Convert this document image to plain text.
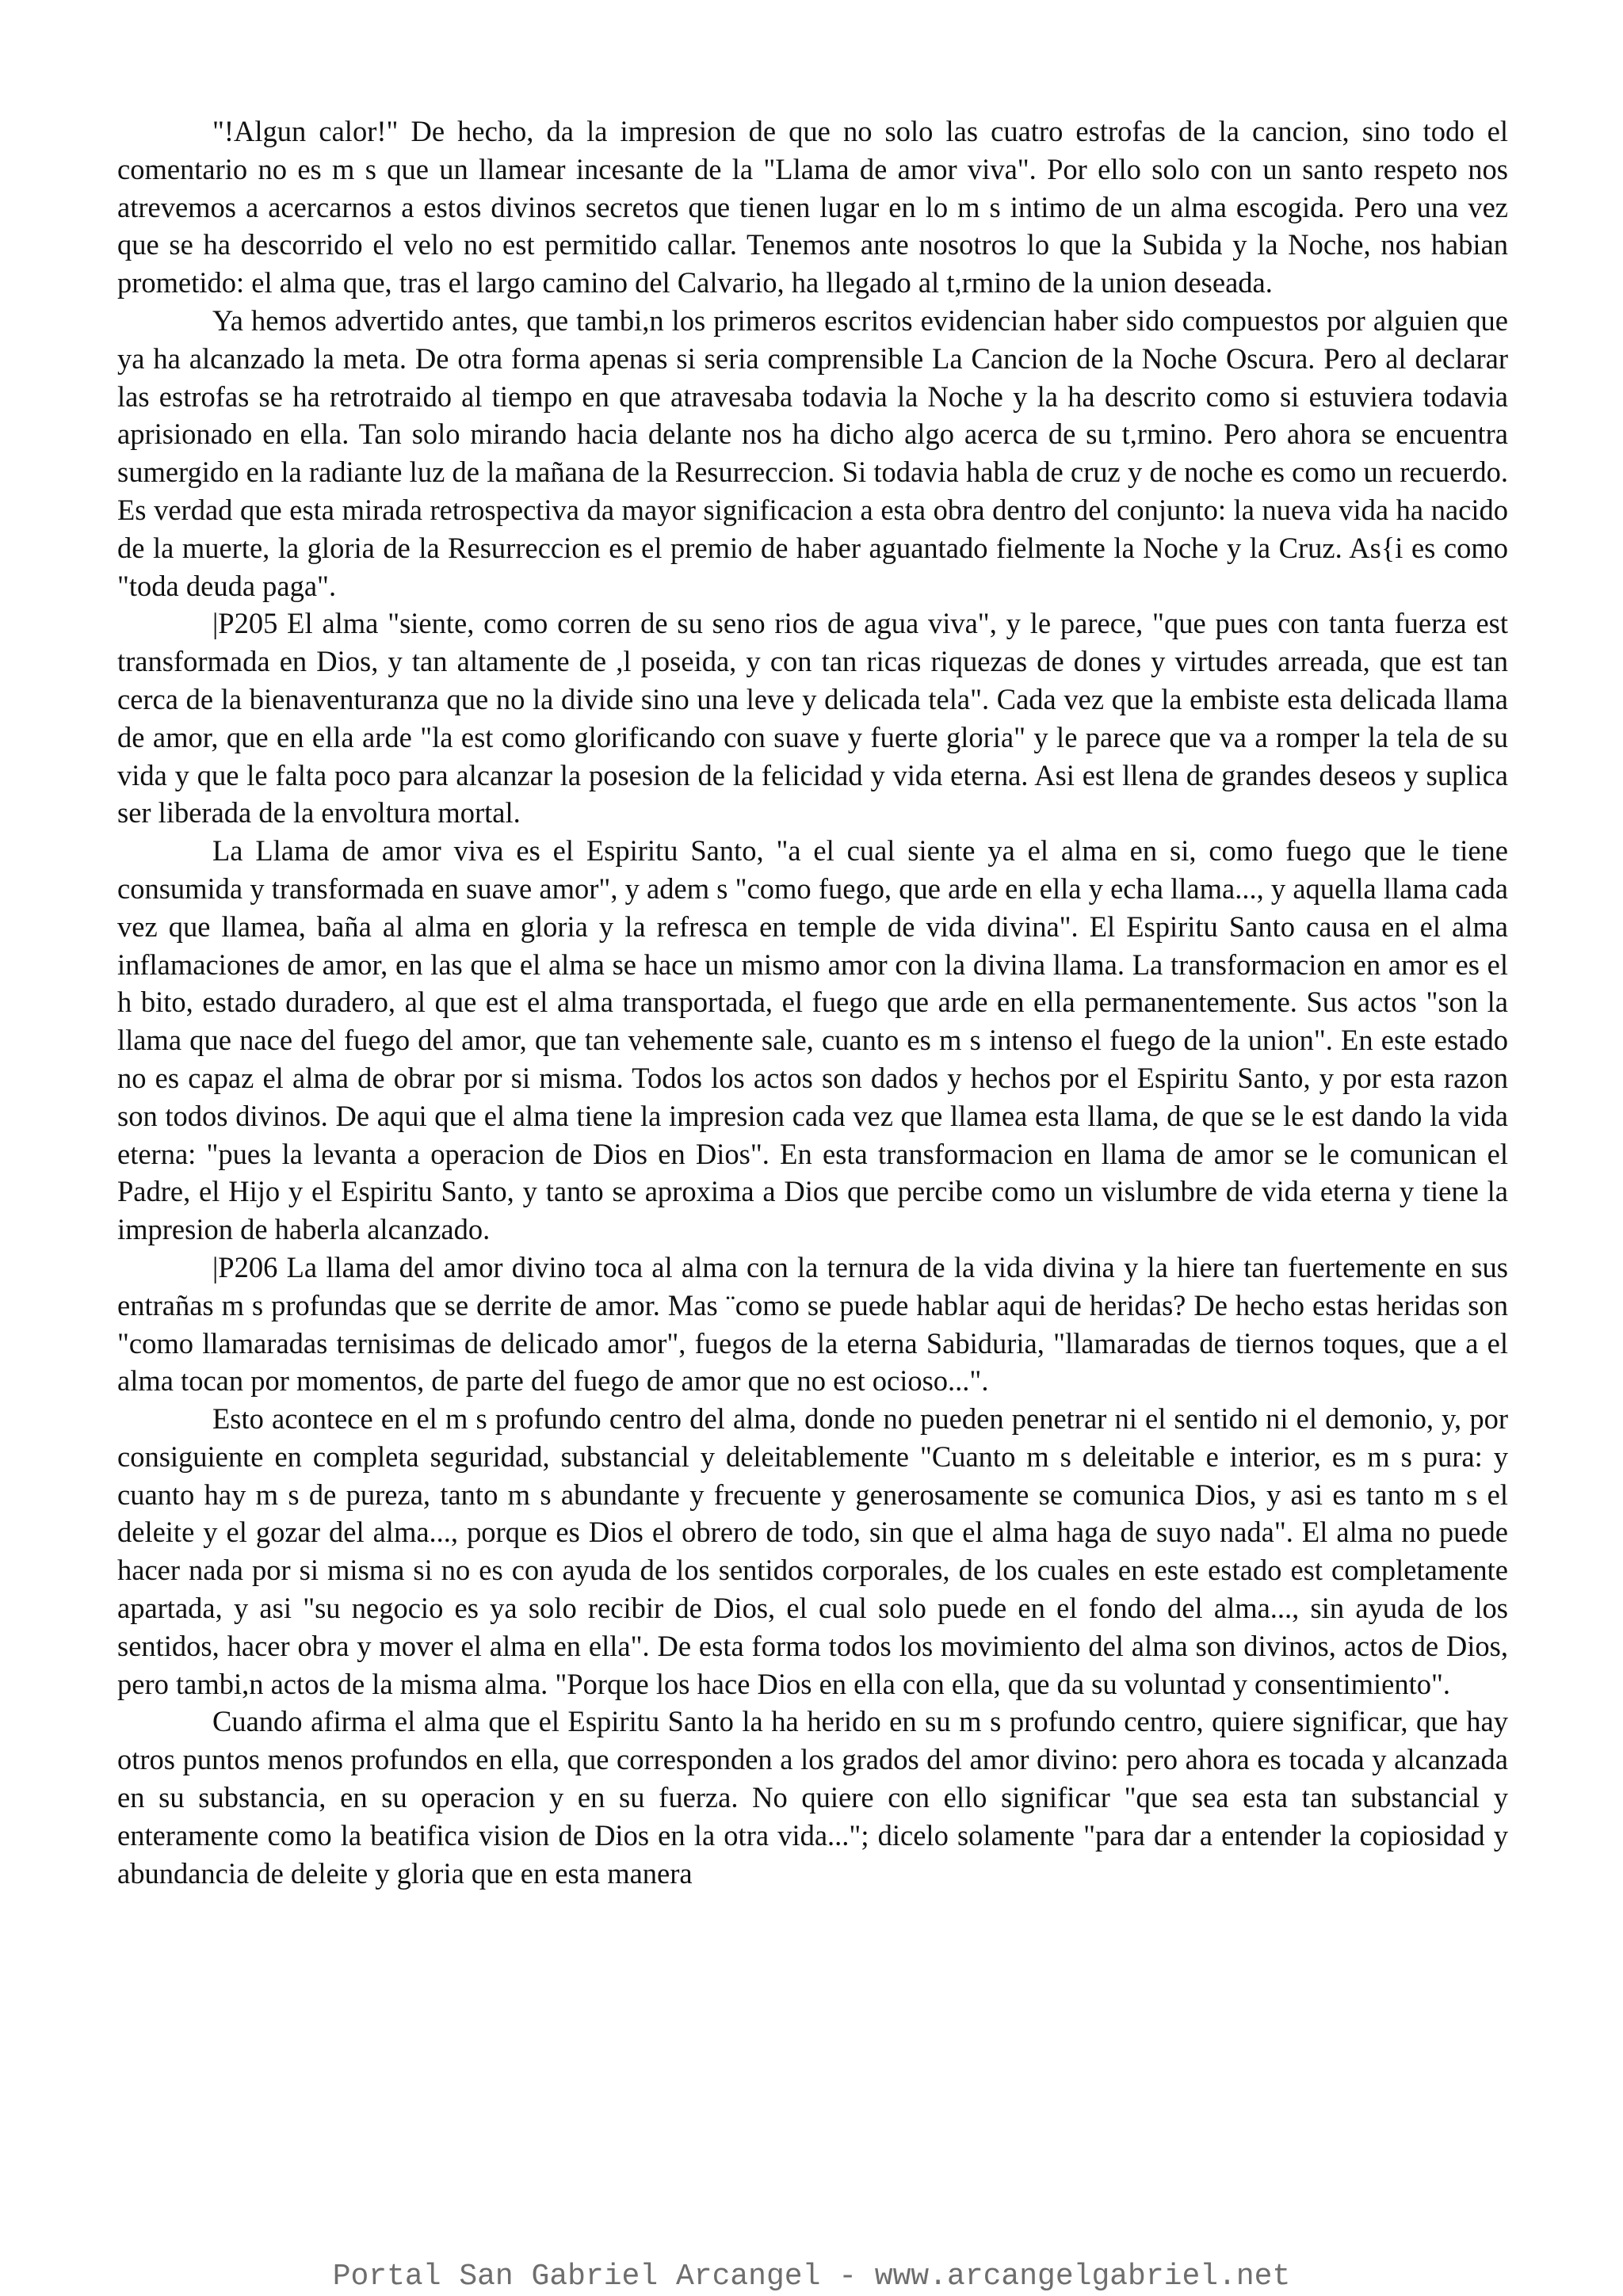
"!Algun calor!" De hecho, da la impresion de que no solo las cuatro estrofas de la cancion, sino todo el comentario no es m s que un llamear incesante de la "Llama de amor viva". Por ello solo con un santo respeto nos atrevemos a acercarnos a estos divinos secretos que tienen lugar en lo m s intimo de un alma escogida. Pero una vez que se ha descorrido el velo no est permitido callar. Tenemos ante nosotros lo que la Subida y la Noche, nos habian prometido: el alma que, tras el largo camino del Calvario, ha llegado al t,rmino de la union deseada.

Ya hemos advertido antes, que tambi,n los primeros escritos evidencian haber sido compuestos por alguien que ya ha alcanzado la meta. De otra forma apenas si seria comprensible La Cancion de la Noche Oscura. Pero al declarar las estrofas se ha retrotraido al tiempo en que atravesaba todavia la Noche y la ha descrito como si estuviera todavia aprisionado en ella. Tan solo mirando hacia delante nos ha dicho algo acerca de su t,rmino. Pero ahora se encuentra sumergido en la radiante luz de la mañana de la Resurreccion. Si todavia habla de cruz y de noche es como un recuerdo. Es verdad que esta mirada retrospectiva da mayor significacion a esta obra dentro del conjunto: la nueva vida ha nacido de la muerte, la gloria de la Resurreccion es el premio de haber aguantado fielmente la Noche y la Cruz. As{i es como "toda deuda paga".

|P205 El alma "siente, como corren de su seno rios de agua viva", y le parece, "que pues con tanta fuerza est transformada en Dios, y tan altamente de ,l poseida, y con tan ricas riquezas de dones y virtudes arreada, que est tan cerca de la bienaventuranza que no la divide sino una leve y delicada tela". Cada vez que la embiste esta delicada llama de amor, que en ella arde "la est como glorificando con suave y fuerte gloria" y le parece que va a romper la tela de su vida y que le falta poco para alcanzar la posesion de la felicidad y vida eterna. Asi est llena de grandes deseos y suplica ser liberada de la envoltura mortal.

La Llama de amor viva es el Espiritu Santo, "a el cual siente ya el alma en si, como fuego que le tiene consumida y transformada en suave amor", y adem s "como fuego, que arde en ella y echa llama..., y aquella llama cada vez que llamea, baña al alma en gloria y la refresca en temple de vida divina". El Espiritu Santo causa en el alma inflamaciones de amor, en las que el alma se hace un mismo amor con la divina llama. La transformacion en amor es el h bito, estado duradero, al que est el alma transportada, el fuego que arde en ella permanentemente. Sus actos "son la llama que nace del fuego del amor, que tan vehemente sale, cuanto es m s intenso el fuego de la union". En este estado no es capaz el alma de obrar por si misma. Todos los actos son dados y hechos por el Espiritu Santo, y por esta razon son todos divinos. De aqui que el alma tiene la impresion cada vez que llamea esta llama, de que se le est dando la vida eterna: "pues la levanta a operacion de Dios en Dios". En esta transformacion en llama de amor se le comunican el Padre, el Hijo y el Espiritu Santo, y tanto se aproxima a Dios que percibe como un vislumbre de vida eterna y tiene la impresion de haberla alcanzado.

|P206 La llama del amor divino toca al alma con la ternura de la vida divina y la hiere tan fuertemente en sus entrañas m s profundas que se derrite de amor. Mas ¨como se puede hablar aqui de heridas? De hecho estas heridas son "como llamaradas ternisimas de delicado amor", fuegos de la eterna Sabiduria, "llamaradas de tiernos toques, que a el alma tocan por momentos, de parte del fuego de amor que no est ocioso...".

Esto acontece en el m s profundo centro del alma, donde no pueden penetrar ni el sentido ni el demonio, y, por consiguiente en completa seguridad, substancial y deleitablemente "Cuanto m s deleitable e interior, es m s pura: y cuanto hay m s de pureza, tanto m s abundante y frecuente y generosamente se comunica Dios, y asi es tanto m s el deleite y el gozar del alma..., porque es Dios el obrero de todo, sin que el alma haga de suyo nada". El alma no puede hacer nada por si misma si no es con ayuda de los sentidos corporales, de los cuales en este estado est completamente apartada, y asi "su negocio es ya solo recibir de Dios, el cual solo puede en el fondo del alma..., sin ayuda de los sentidos, hacer obra y mover el alma en ella". De esta forma todos los movimiento del alma son divinos, actos de Dios, pero tambi,n actos de la misma alma. "Porque los hace Dios en ella con ella, que da su voluntad y consentimiento".

Cuando afirma el alma que el Espiritu Santo la ha herido en su m s profundo centro, quiere significar, que hay otros puntos menos profundos en ella, que corresponden a los grados del amor divino: pero ahora es tocada y alcanzada en su substancia, en su operacion y en su fuerza. No quiere con ello significar "que sea esta tan substancial y enteramente como la beatifica vision de Dios en la otra vida..."; dicelo solamente "para dar a entender la copiosidad y abundancia de deleite y gloria que en esta manera

Portal San Gabriel Arcangel - www.arcangelgabriel.net
